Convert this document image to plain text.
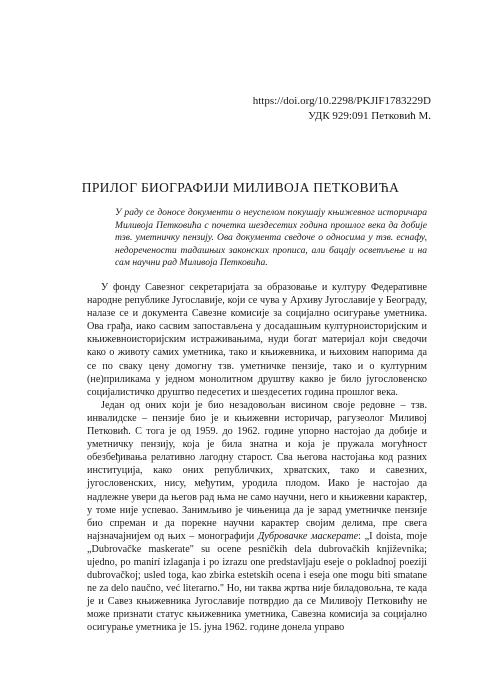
https://doi.org/10.2298/PKJIF1783229D
УДК 929:091 Петковић М.
ПРИЛОГ БИОГРАФИЈИ МИЛИВОЈА ПЕТКОВИЋА

У раду се доносе документи о неуспелом покушају књижевног историчара Миливоја Петковића с почетка шездесетих година прошлог века да добије тзв. уметничку пензију. Ова документа сведоче о односима у тзв. еснафу, недоречености тадашњих законских прописа, али бацају осветљење и на сам научни рад Миливоја Петковића.

У фонду Савезног секретаријата за образовање и културу Федеративне народне републике Југославије, који се чува у Архиву Југославије у Београду, налазе се и документа Савезне комисије за социјално осигурање уметника. Ова грађа, иако сасвим запостављена у досадашњим културноисторијским и књижевноисторијским истраживањима, нуди богат материјал који сведочи како о животу самих уметника, тако и књижевника, и њиховим напорима да се по сваку цену домогну тзв. уметничке пензије, тако и о културним (не)приликама у једном монолитном друштву какво је било југословенско социјалистичко друштво педесетих и шездесетих година прошлог века.

Један од оних који је био незадовољан висином своје редовне – тзв. инвалидске – пензије био је и књижевни историчар, рагузеолог Миливој Петковић. С тога је од 1959. до 1962. године упорно настојао да добије и уметничку пензију, која је била знатна и која је пружала могућност обезбеђивања релативно лагодну старост. Сва његова настојања код разних институција, како оних републичких, хрватских, тако и савезних, југословенских, нису, међутим, уродила плодом. Иако је настојао да надлежне увери да његов рад њма не само научни, него и књижевни карактер, у томе није успевао. Занимљиво је чињеница да је зарад уметничке пензије био спреман и да порекне научни карактер својим делима, пре свега најзначајнијем од њих – монографији Дубровачке маскерате: „I doista, moje „Dubrovačke maskerate" su ocene pesničkih dela dubrovačkih književnika; ujedno, po manirí izlaganja i po izrazu one predstavljaju eseje o pokladnoj poeziji dubrovačkoj; usled toga, kao zbirka estetskih ocena i eseja one mogu biti smatane ne za delo naučno, već literarno." Но, ни таква жртва није биладовољна, те када је и Савез књижевника Југославије потврдио да се Миливоју Петковићу не може признати статус књижевника уметника, Савезна комисија за социјално осигурање уметника је 15. јуна 1962. године донела управо
